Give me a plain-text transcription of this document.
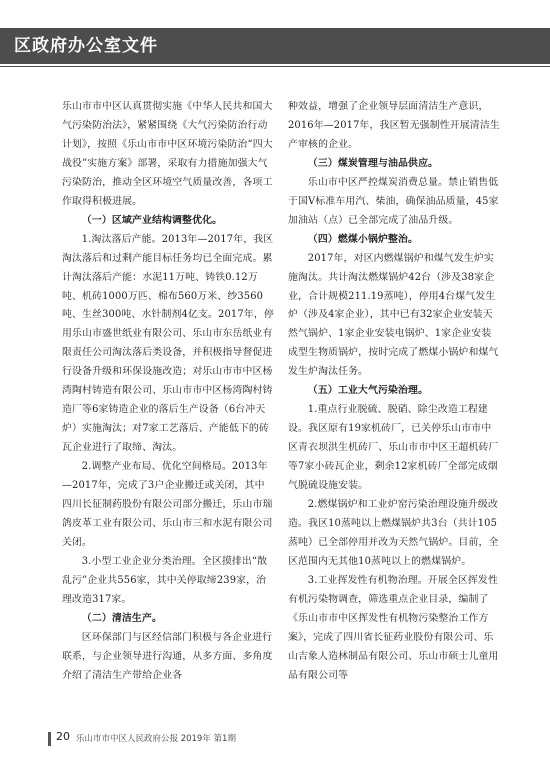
区政府办公室文件

乐山市市中区认真贯彻实施《中华人民共和国大气污染防治法》，紧紧围绕《大气污染防治行动计划》，按照《乐山市市中区环境污染防治“四大战役”实施方案》部署，采取有力措施加强大气污染防治，推动全区环境空气质量改善，各项工作取得积极进展。

（一）区域产业结构调整优化。

1.淘汰落后产能。2013年—2017年，我区淘汰落后和过剩产能目标任务均已全面完成。累计淘汰落后产能：水泥11万吨、铸铁0.12万吨、机砖1000万匹、棉布560万米、纱3560吨、生丝300吨、水针制剂4亿支。2017年，停用乐山市盛世纸业有限公司、乐山市东岳纸业有限责任公司淘汰落后类设备，并积极指导督促进行设备升级和环保设施改造；对乐山市市中区杨湾陶村铸造有限公司、乐山市市中区杨湾陶村铸造厂等6家铸造企业的落后生产设备（6台冲天炉）实施淘汰；对7家工艺落后、产能低下的砖瓦企业进行了取缔、淘汰。

2.调整产业布局、优化空间格局。2013年—2017年，完成了3户企业搬迁或关闭，其中四川长征制药股份有限公司部分搬迁，乐山市瑞鸽皮革工业有限公司、乐山市三和水泥有限公司关闭。

3.小型工业企业分类治理。全区摸排出“散乱污”企业共556家，其中关停取缔239家，治理改造317家。

（二）清洁生产。

区环保部门与区经信部门积极与各企业进行联系，与企业领导进行沟通，从多方面、多角度介绍了清洁生产带给企业各

种效益，增强了企业领导层面清洁生产意识，2016年—2017年，我区暂无强制性开展清洁生产审核的企业。

（三）煤炭管理与油品供应。

乐山市中区严控煤炭消费总量。禁止销售低于国Ⅴ标准车用汽、柴油，确保油品质量，45家加油站（点）已全部完成了油品升级。

（四）燃煤小锅炉整治。

2017年，对区内燃煤锅炉和煤气发生炉实施淘汰。共计淘汰燃煤锅炉42台（涉及38家企业，合计规模211.19蒸吨），停用4台煤气发生炉（涉及4家企业），其中已有32家企业安装天然气锅炉、1家企业安装电锅炉、1家企业安装成型生物质锅炉，按时完成了燃煤小锅炉和煤气发生炉淘汰任务。

（五）工业大气污染治理。

1.重点行业脱硫、脱硝、除尘改造工程建设。我区原有19家机砖厂，已关停乐山市市中区青衣坝洪生机砖厂、乐山市市中区王超机砖厂等7家小砖瓦企业，剩余12家机砖厂全部完成烟气脱硫设施安装。

2.燃煤锅炉和工业炉窑污染治理设施升级改造。我区10蒸吨以上燃煤锅炉共3台（共计105蒸吨）已全部停用并改为天然气锅炉。目前，全区范围内无其他10蒸吨以上的燃煤锅炉。

3.工业挥发性有机物治理。开展全区挥发性有机污染物调查，筛选重点企业目录，编制了《乐山市市中区挥发性有机物污染整治工作方案》，完成了四川省长征药业股份有限公司、乐山吉象人造林制品有限公司、乐山市硕士儿童用品有限公司等

20 乐山市市中区人民政府公报 2019年 第1期
